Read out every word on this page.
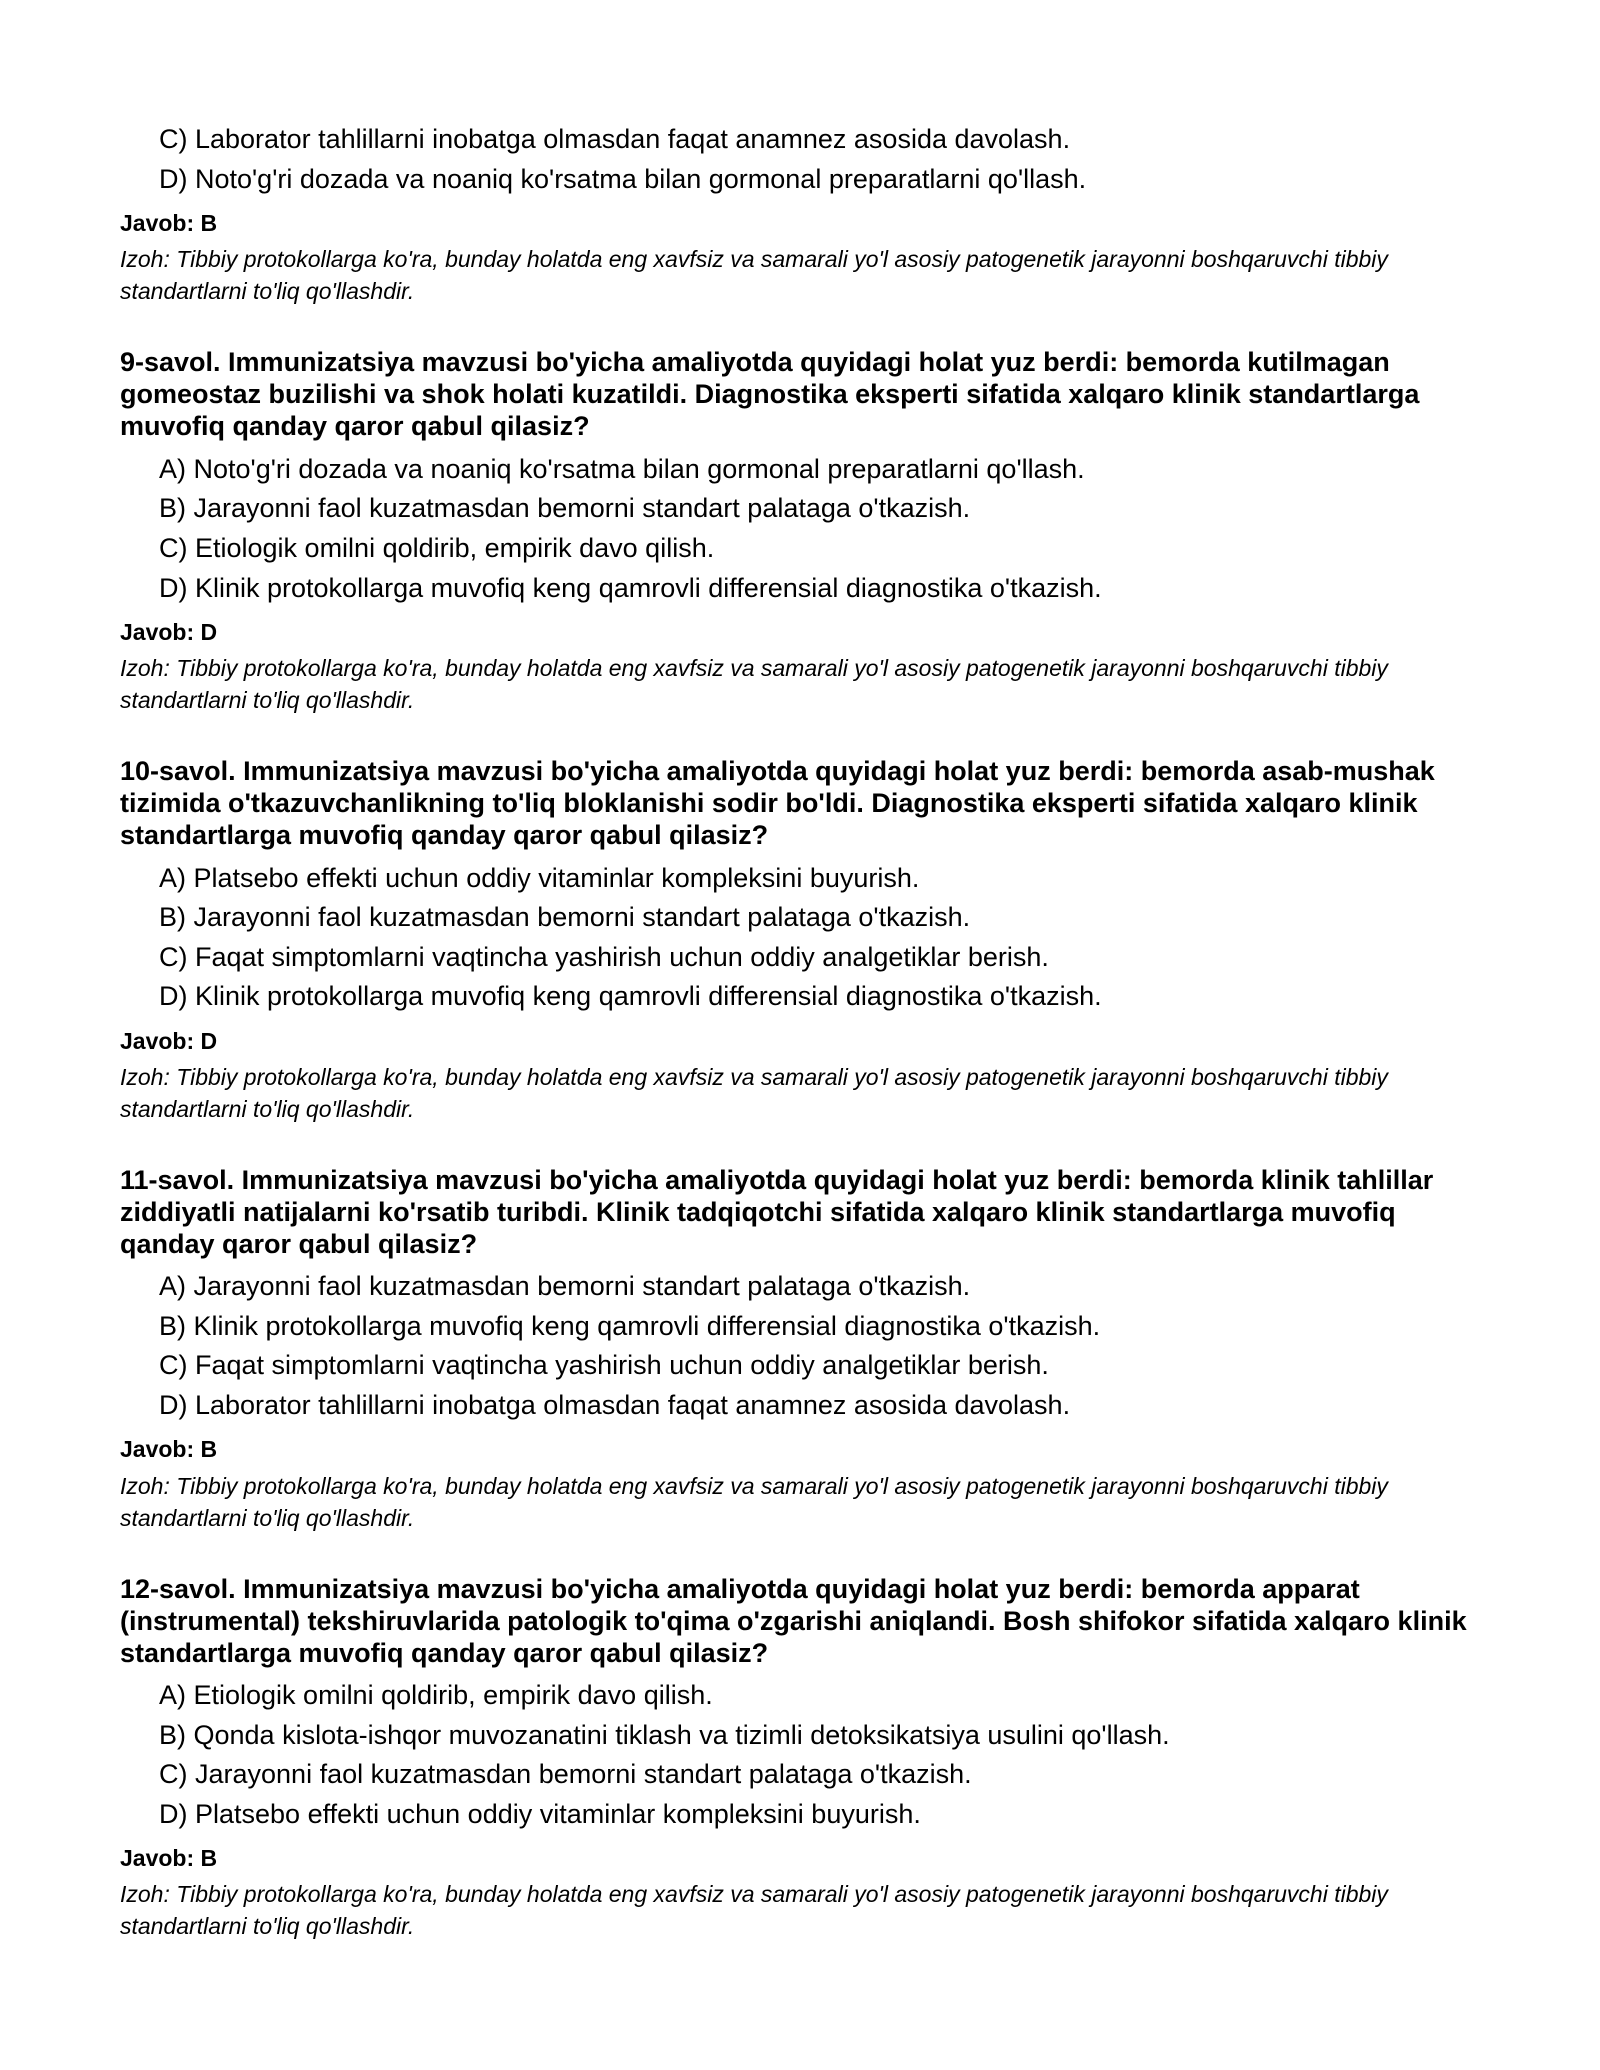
C) Laborator tahlillarni inobatga olmasdan faqat anamnez asosida davolash.
D) Noto'g'ri dozada va noaniq ko'rsatma bilan gormonal preparatlarni qo'llash.
Javob: B

Izoh: Tibbiy protokollarga ko'ra, bunday holatda eng xavfsiz va samarali yo'l asosiy patogenetik jarayonni boshqaruvchi tibbiy standartlarni to'liq qo'llashdir.

9-savol. Immunizatsiya mavzusi bo'yicha amaliyotda quyidagi holat yuz berdi: bemorda kutilmagan gomeostaz buzilishi va shok holati kuzatildi. Diagnostika eksperti sifatida xalqaro klinik standartlarga muvofiq qanday qaror qabul qilasiz?

A) Noto'g'ri dozada va noaniq ko'rsatma bilan gormonal preparatlarni qo'llash.
B) Jarayonni faol kuzatmasdan bemorni standart palataga o'tkazish.
C) Etiologik omilni qoldirib, empirik davo qilish.
D) Klinik protokollarga muvofiq keng qamrovli differensial diagnostika o'tkazish.
Javob: D

Izoh: Tibbiy protokollarga ko'ra, bunday holatda eng xavfsiz va samarali yo'l asosiy patogenetik jarayonni boshqaruvchi tibbiy standartlarni to'liq qo'llashdir.

10-savol. Immunizatsiya mavzusi bo'yicha amaliyotda quyidagi holat yuz berdi: bemorda asab-mushak tizimida o'tkazuvchanlikning to'liq bloklanishi sodir bo'ldi. Diagnostika eksperti sifatida xalqaro klinik standartlarga muvofiq qanday qaror qabul qilasiz?

A) Platsebo effekti uchun oddiy vitaminlar kompleksini buyurish.
B) Jarayonni faol kuzatmasdan bemorni standart palataga o'tkazish.
C) Faqat simptomlarni vaqtincha yashirish uchun oddiy analgetiklar berish.
D) Klinik protokollarga muvofiq keng qamrovli differensial diagnostika o'tkazish.
Javob: D

Izoh: Tibbiy protokollarga ko'ra, bunday holatda eng xavfsiz va samarali yo'l asosiy patogenetik jarayonni boshqaruvchi tibbiy standartlarni to'liq qo'llashdir.

11-savol. Immunizatsiya mavzusi bo'yicha amaliyotda quyidagi holat yuz berdi: bemorda klinik tahlillar ziddiyatli natijalarni ko'rsatib turibdi. Klinik tadqiqotchi sifatida xalqaro klinik standartlarga muvofiq qanday qaror qabul qilasiz?

A) Jarayonni faol kuzatmasdan bemorni standart palataga o'tkazish.
B) Klinik protokollarga muvofiq keng qamrovli differensial diagnostika o'tkazish.
C) Faqat simptomlarni vaqtincha yashirish uchun oddiy analgetiklar berish.
D) Laborator tahlillarni inobatga olmasdan faqat anamnez asosida davolash.
Javob: B

Izoh: Tibbiy protokollarga ko'ra, bunday holatda eng xavfsiz va samarali yo'l asosiy patogenetik jarayonni boshqaruvchi tibbiy standartlarni to'liq qo'llashdir.

12-savol. Immunizatsiya mavzusi bo'yicha amaliyotda quyidagi holat yuz berdi: bemorda apparat (instrumental) tekshiruvlarida patologik to'qima o'zgarishi aniqlandi. Bosh shifokor sifatida xalqaro klinik standartlarga muvofiq qanday qaror qabul qilasiz?

A) Etiologik omilni qoldirib, empirik davo qilish.
B) Qonda kislota-ishqor muvozanatini tiklash va tizimli detoksikatsiya usulini qo'llash.
C) Jarayonni faol kuzatmasdan bemorni standart palataga o'tkazish.
D) Platsebo effekti uchun oddiy vitaminlar kompleksini buyurish.
Javob: B

Izoh: Tibbiy protokollarga ko'ra, bunday holatda eng xavfsiz va samarali yo'l asosiy patogenetik jarayonni boshqaruvchi tibbiy standartlarni to'liq qo'llashdir.
